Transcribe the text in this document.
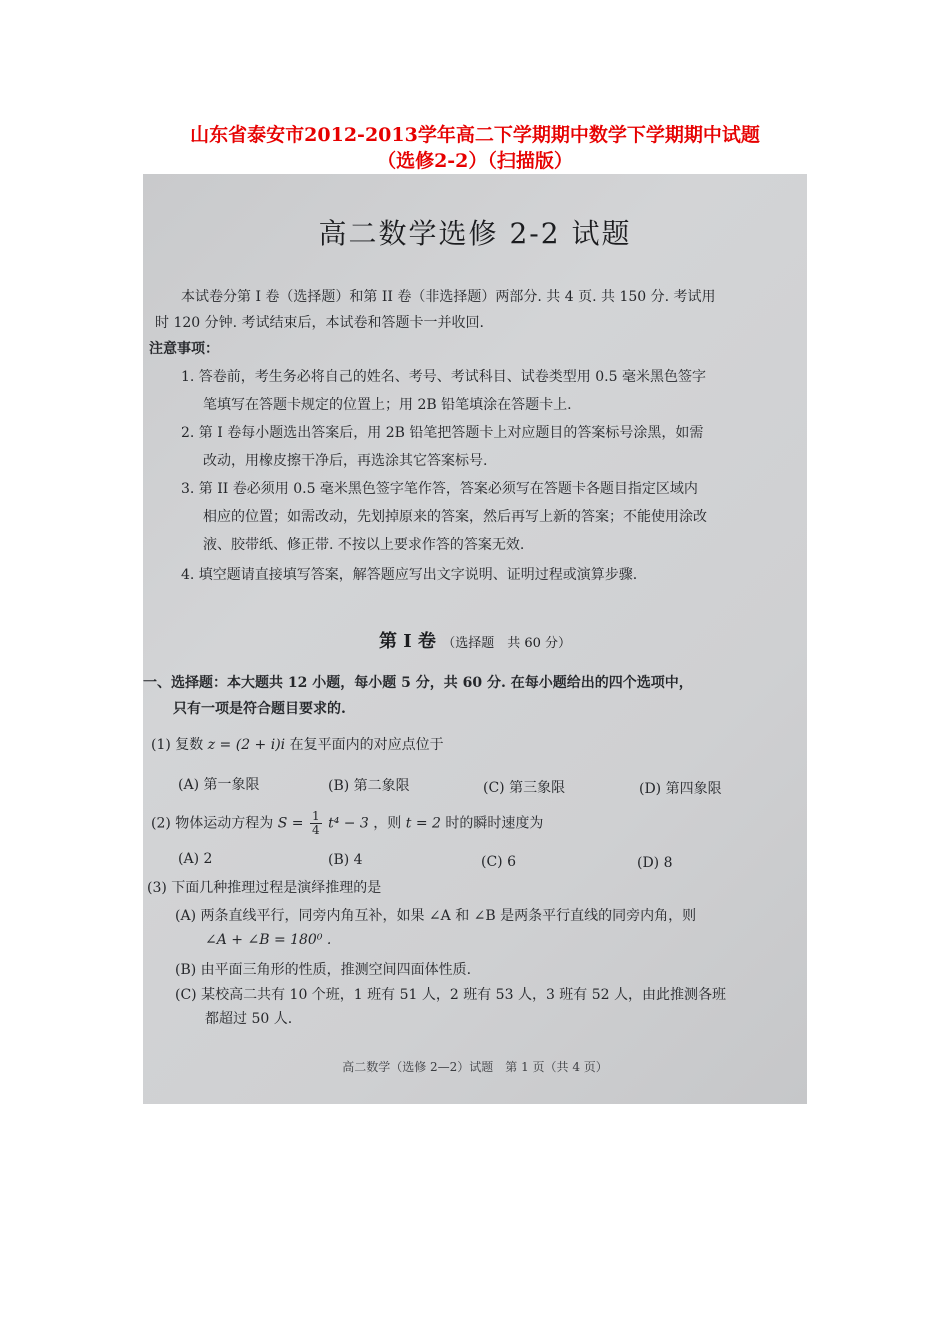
山东省泰安市2012-2013学年高二下学期期中数学下学期期中试题
（选修2-2）（扫描版）
高二数学选修 2-2 试题
本试卷分第 I 卷（选择题）和第 II 卷（非选择题）两部分. 共 4 页. 共 150 分. 考试用
时 120 分钟. 考试结束后，本试卷和答题卡一并收回.
注意事项：
1. 答卷前，考生务必将自己的姓名、考号、考试科目、试卷类型用 0.5 毫米黑色签字
笔填写在答题卡规定的位置上；用 2B 铅笔填涂在答题卡上.
2. 第 I 卷每小题选出答案后，用 2B 铅笔把答题卡上对应题目的答案标号涂黑，如需
改动，用橡皮擦干净后，再选涂其它答案标号.
3. 第 II 卷必须用 0.5 毫米黑色签字笔作答，答案必须写在答题卡各题目指定区域内
相应的位置；如需改动，先划掉原来的答案，然后再写上新的答案；不能使用涂改
液、胶带纸、修正带. 不按以上要求作答的答案无效.
4. 填空题请直接填写答案，解答题应写出文字说明、证明过程或演算步骤.
第 I 卷 （选择题　共 60 分）
一、选择题：本大题共 12 小题，每小题 5 分，共 60 分. 在每小题给出的四个选项中，
只有一项是符合题目要求的.
(1) 复数 z = (2 + i)i 在复平面内的对应点位于
(A) 第一象限	(B) 第二象限	(C) 第三象限	(D) 第四象限
(2) 物体运动方程为 $S = \frac{1}{4} t^4 - 3$ ，则 t = 2 时的瞬时速度为
(A) 2	(B) 4	(C) 6	(D) 8
(3) 下面几种推理过程是演绎推理的是
(A) 两条直线平行，同旁内角互补，如果 ∠A 和 ∠B 是两条平行直线的同旁内角，则
∠A + ∠B = 180⁰ .
(B) 由平面三角形的性质，推测空间四面体性质.
(C) 某校高二共有 10 个班，1 班有 51 人，2 班有 53 人，3 班有 52 人，由此推测各班
都超过 50 人.
高二数学（选修 2—2）试题　第 1 页（共 4 页）
